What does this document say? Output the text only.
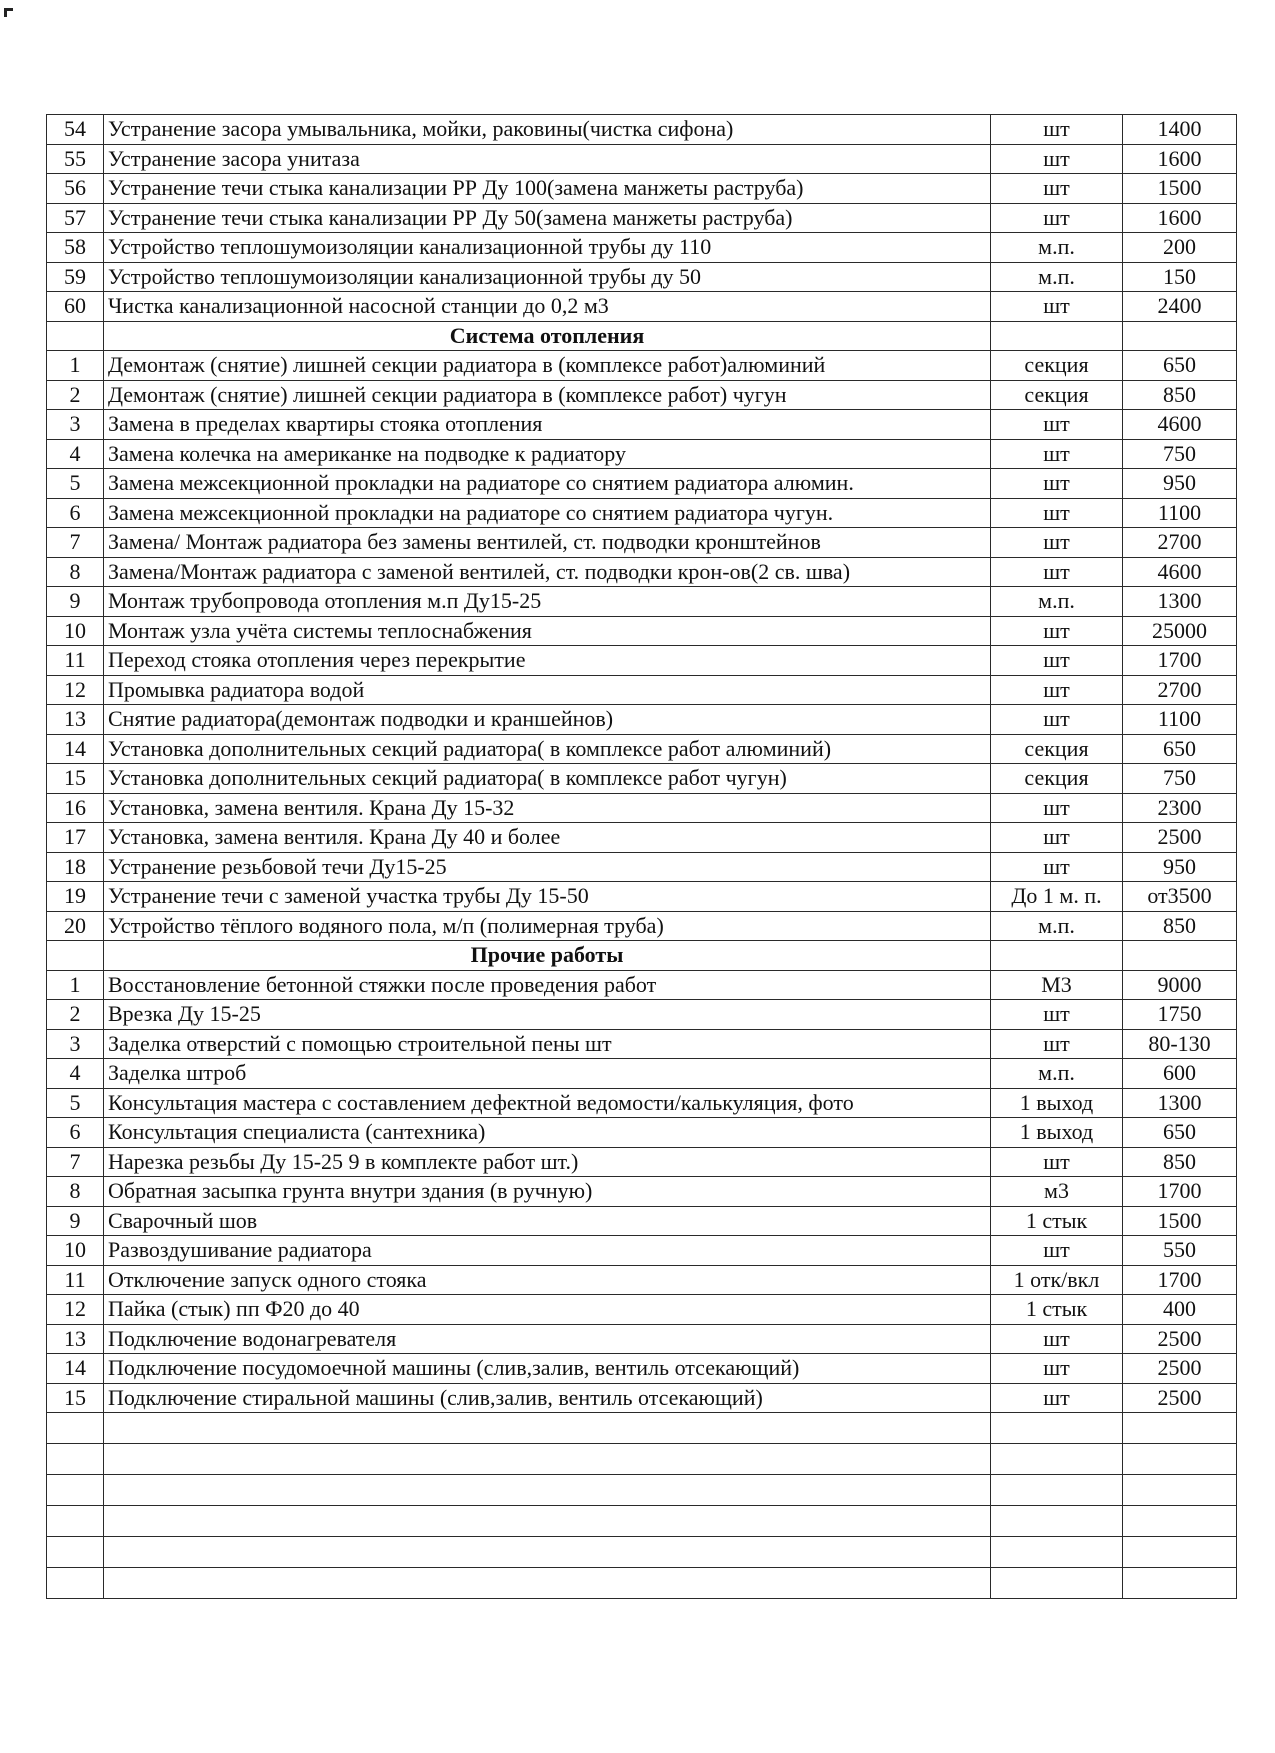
54	Устранение засора умывальника, мойки, раковины(чистка сифона)	шт	1400
55	Устранение засора унитаза	шт	1600
56	Устранение течи стыка канализации РР Ду 100(замена манжеты раструба)	шт	1500
57	Устранение течи стыка канализации РР Ду 50(замена манжеты раструба)	шт	1600
58	Устройство теплошумоизоляции канализационной трубы ду 110	м.п.	200
59	Устройство теплошумоизоляции канализационной трубы ду 50	м.п.	150
60	Чистка канализационной насосной станции до 0,2 м3	шт	2400
	Система отопления		
1	Демонтаж (снятие) лишней секции радиатора в (комплексе работ)алюминий	секция	650
2	Демонтаж (снятие) лишней секции радиатора в (комплексе работ) чугун	секция	850
3	Замена в пределах квартиры стояка отопления	шт	4600
4	Замена колечка на американке на подводке к радиатору	шт	750
5	Замена межсекционной прокладки на радиаторе со снятием радиатора алюмин.	шт	950
6	Замена межсекционной прокладки на радиаторе со снятием радиатора чугун.	шт	1100
7	Замена/ Монтаж радиатора без замены вентилей, ст. подводки кронштейнов	шт	2700
8	Замена/Монтаж радиатора с заменой вентилей, ст. подводки крон-ов(2 св. шва)	шт	4600
9	Монтаж трубопровода отопления м.п Ду15-25	м.п.	1300
10	Монтаж узла учёта системы теплоснабжения	шт	25000
11	Переход стояка отопления через перекрытие	шт	1700
12	Промывка радиатора водой	шт	2700
13	Снятие радиатора(демонтаж подводки и краншейнов)	шт	1100
14	Установка дополнительных секций радиатора( в комплексе работ алюминий)	секция	650
15	Установка дополнительных секций радиатора( в комплексе работ чугун)	секция	750
16	Установка, замена вентиля. Крана Ду 15-32	шт	2300
17	Установка, замена вентиля. Крана Ду 40 и более	шт	2500
18	Устранение резьбовой течи Ду15-25	шт	950
19	Устранение течи с заменой участка трубы Ду 15-50	До 1 м. п.	от3500
20	Устройство тёплого водяного пола, м/п (полимерная труба)	м.п.	850
	Прочие работы		
1	Восстановление бетонной стяжки после проведения работ	М3	9000
2	Врезка Ду 15-25	шт	1750
3	Заделка отверстий с помощью строительной пены шт	шт	80-130
4	Заделка штроб	м.п.	600
5	Консультация мастера с составлением дефектной ведомости/калькуляция, фото	1 выход	1300
6	Консультация специалиста (сантехника)	1 выход	650
7	Нарезка резьбы Ду 15-25 9 в комплекте работ шт.)	шт	850
8	Обратная засыпка грунта внутри здания (в ручную)	м3	1700
9	Сварочный шов	1 стык	1500
10	Развоздушивание радиатора	шт	550
11	Отключение запуск одного стояка	1 отк/вкл	1700
12	Пайка (стык) пп Ф20 до 40	1 стык	400
13	Подключение водонагревателя	шт	2500
14	Подключение посудомоечной машины (слив,залив, вентиль отсекающий)	шт	2500
15	Подключение стиральной машины (слив,залив, вентиль отсекающий)	шт	2500
